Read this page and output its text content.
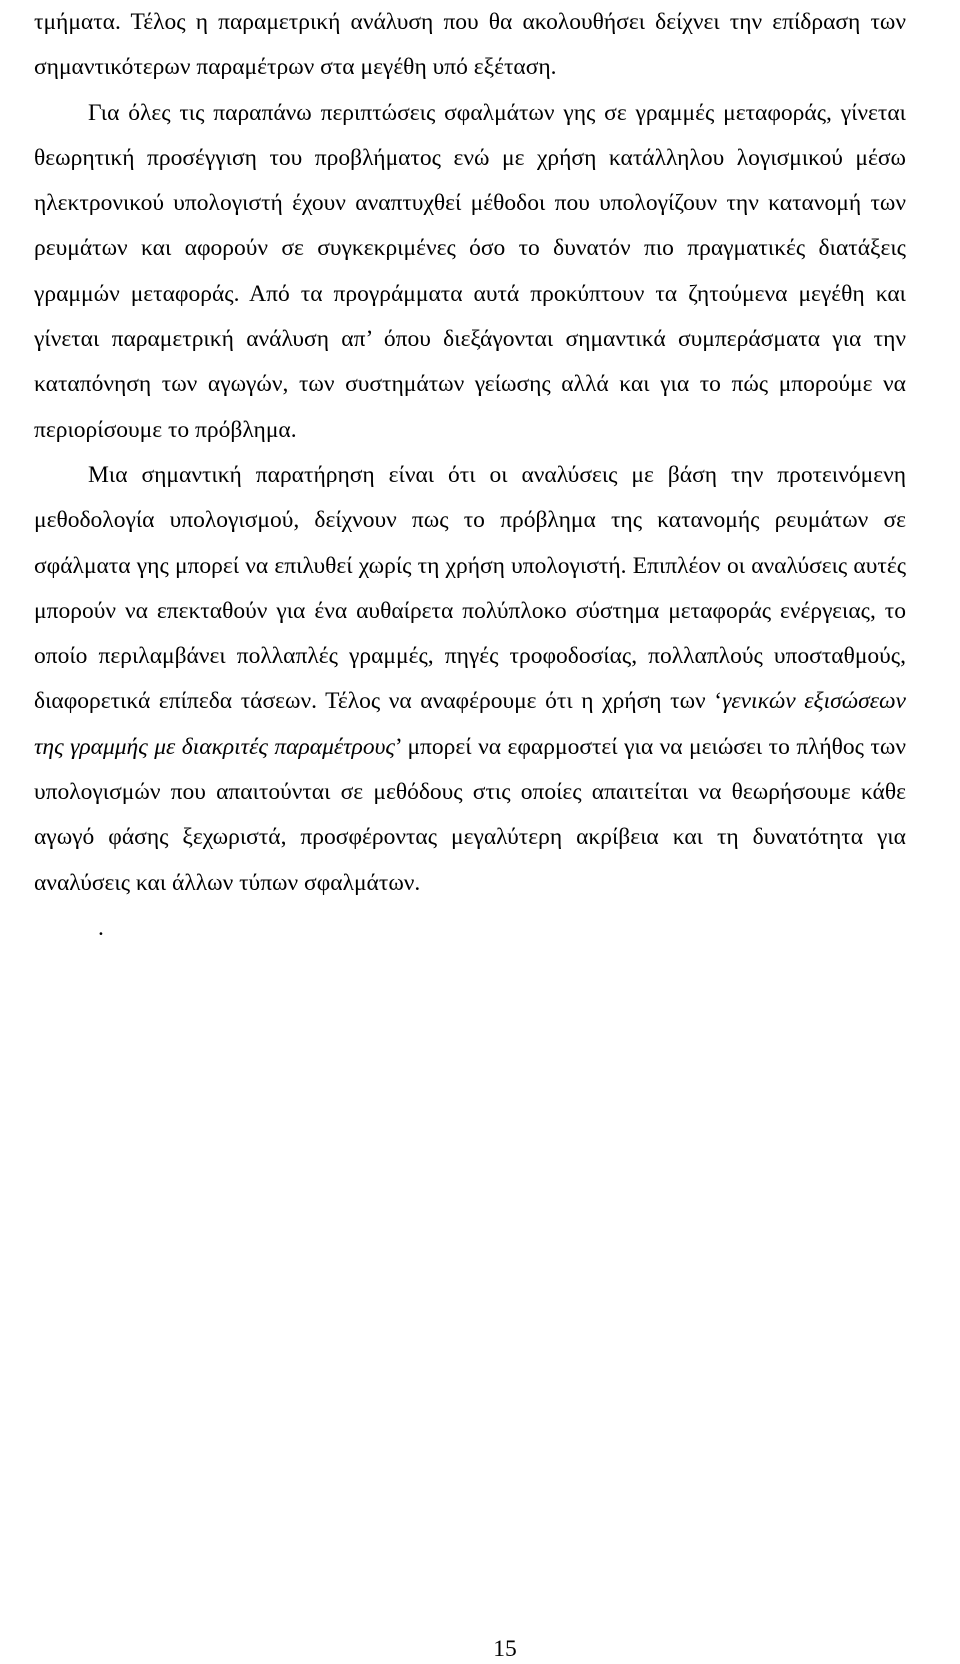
τμήματα. Τέλος η παραμετρική ανάλυση που θα ακολουθήσει δείχνει την επίδραση των σημαντικότερων παραμέτρων στα μεγέθη υπό εξέταση.

Για όλες τις παραπάνω περιπτώσεις σφαλμάτων γης σε γραμμές μεταφοράς, γίνεται θεωρητική προσέγγιση του προβλήματος ενώ με χρήση κατάλληλου λογισμικού μέσω ηλεκτρονικού υπολογιστή έχουν αναπτυχθεί μέθοδοι που υπολογίζουν την κατανομή των ρευμάτων και αφορούν σε συγκεκριμένες όσο το δυνατόν πιο πραγματικές διατάξεις γραμμών μεταφοράς. Από τα προγράμματα αυτά προκύπτουν τα ζητούμενα μεγέθη και γίνεται παραμετρική ανάλυση απ’ όπου διεξάγονται σημαντικά συμπεράσματα για την καταπόνηση των αγωγών, των συστημάτων γείωσης αλλά και για το πώς μπορούμε να περιορίσουμε το πρόβλημα.

Μια σημαντική παρατήρηση είναι ότι οι αναλύσεις με βάση την προτεινόμενη μεθοδολογία υπολογισμού, δείχνουν πως το πρόβλημα της κατανομής ρευμάτων σε σφάλματα γης μπορεί να επιλυθεί χωρίς τη χρήση υπολογιστή. Επιπλέον οι αναλύσεις αυτές μπορούν να επεκταθούν για ένα αυθαίρετα πολύπλοκο σύστημα μεταφοράς ενέργειας, το οποίο περιλαμβάνει πολλαπλές γραμμές, πηγές τροφοδοσίας, πολλαπλούς υποσταθμούς, διαφορετικά επίπεδα τάσεων. Τέλος να αναφέρουμε ότι η χρήση των ‘γενικών εξισώσεων της γραμμής με διακριτές παραμέτρους’ μπορεί να εφαρμοστεί για να μειώσει το πλήθος των υπολογισμών που απαιτούνται σε μεθόδους στις οποίες απαιτείται να θεωρήσουμε κάθε αγωγό φάσης ξεχωριστά, προσφέροντας μεγαλύτερη ακρίβεια και τη δυνατότητα για αναλύσεις και άλλων τύπων σφαλμάτων.

.
15
